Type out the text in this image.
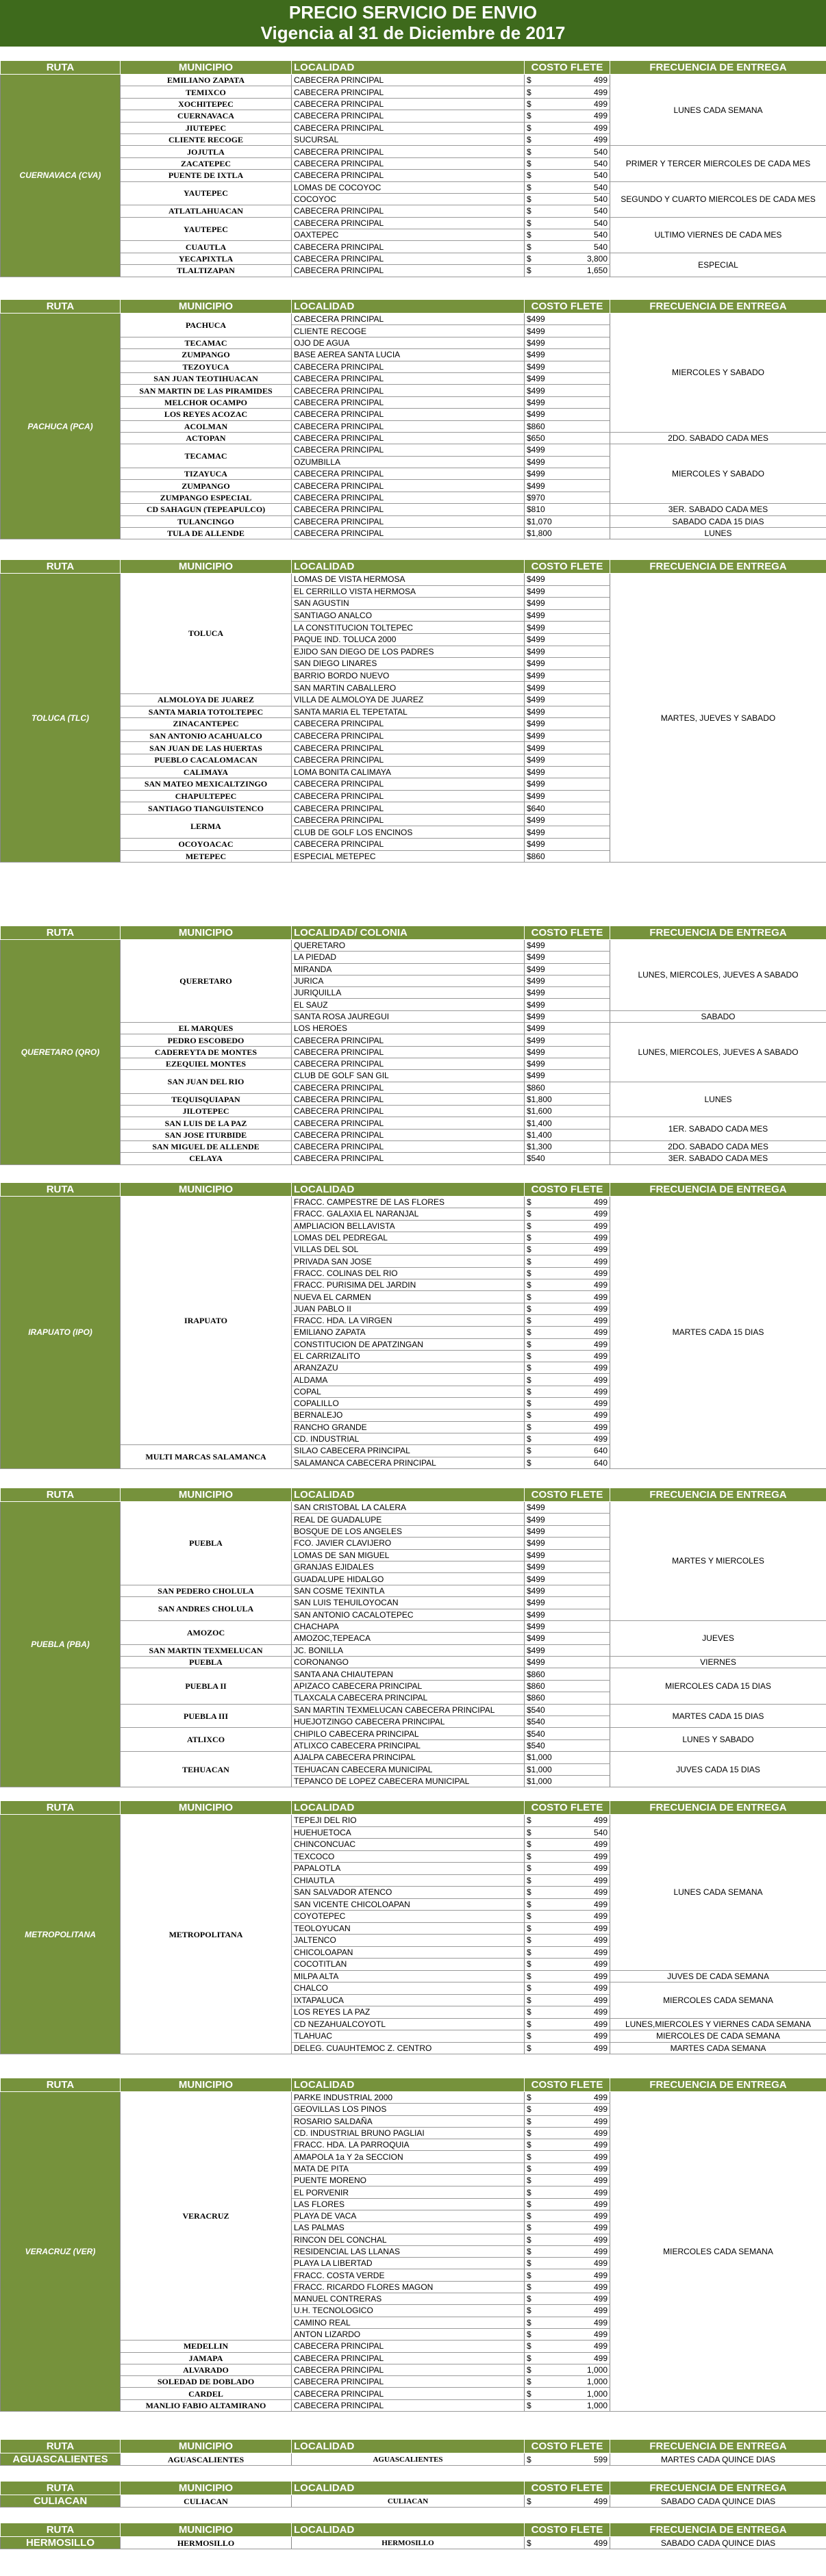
PRECIO SERVICIO DE ENVIO
Vigencia al 31 de Diciembre de 2017
RUTA	MUNICIPIO	LOCALIDAD	COSTO FLETE	FRECUENCIA DE ENTREGA
CUERNAVACA (CVA)	EMILIANO ZAPATA	CABECERA PRINCIPAL	$ 499	LUNES CADA SEMANA
	TEMIXCO	CABECERA PRINCIPAL	$ 499	

	XOCHITEPEC	CABECERA PRINCIPAL	$ 499	

	CUERNAVACA	CABECERA PRINCIPAL	$ 499	

	JIUTEPEC	CABECERA PRINCIPAL	$ 499	

	CLIENTE RECOGE	SUCURSAL	$ 499	

	JOJUTLA	CABECERA PRINCIPAL	$ 540	PRIMER Y TERCER MIERCOLES DE CADA MES
	ZACATEPEC	CABECERA PRINCIPAL	$ 540	

	PUENTE DE IXTLA	CABECERA PRINCIPAL	$ 540	

	YAUTEPEC	LOMAS DE COCOYOC	$ 540	SEGUNDO Y CUARTO MIERCOLES DE CADA MES
		COCOYOC	$ 540	

	ATLATLAHUACAN	CABECERA PRINCIPAL	$ 540	

	YAUTEPEC	CABECERA PRINCIPAL	$ 540	ULTIMO VIERNES DE CADA MES
		OAXTEPEC	$ 540	

	CUAUTLA	CABECERA PRINCIPAL	$ 540	

	YECAPIXTLA	CABECERA PRINCIPAL	$ 3,800	ESPECIAL
	TLALTIZAPAN	CABECERA PRINCIPAL	$ 1,650	
RUTA	MUNICIPIO	LOCALIDAD	COSTO FLETE	FRECUENCIA DE ENTREGA
PACHUCA (PCA)	PACHUCA	CABECERA PRINCIPAL	$499	MIERCOLES Y SABADO
		CLIENTE RECOGE	$499	
	TECAMAC	OJO DE AGUA	$499	
	ZUMPANGO	BASE AEREA SANTA LUCIA	$499	
	TEZOYUCA	CABECERA PRINCIPAL	$499	
	SAN JUAN TEOTIHUACAN	CABECERA PRINCIPAL	$499	
	SAN MARTIN DE LAS PIRAMIDES	CABECERA PRINCIPAL	$499	
	MELCHOR OCAMPO	CABECERA PRINCIPAL	$499	
	LOS REYES ACOZAC	CABECERA PRINCIPAL	$499	
	ACOLMAN	CABECERA PRINCIPAL	$860	
	ACTOPAN	CABECERA PRINCIPAL	$650	2DO. SABADO CADA MES
	TECAMAC	CABECERA PRINCIPAL	$499	MIERCOLES Y SABADO
		OZUMBILLA	$499	
	TIZAYUCA	CABECERA PRINCIPAL	$499	
	ZUMPANGO	CABECERA PRINCIPAL	$499	
	ZUMPANGO ESPECIAL	CABECERA PRINCIPAL	$970	
	CD SAHAGUN (TEPEAPULCO)	CABECERA PRINCIPAL	$810	3ER. SABADO CADA MES
	TULANCINGO	CABECERA PRINCIPAL	$1,070	SABADO CADA 15 DIAS
	TULA DE ALLENDE	CABECERA PRINCIPAL	$1,800	LUNES
RUTA	MUNICIPIO	LOCALIDAD	COSTO FLETE	FRECUENCIA DE ENTREGA
TOLUCA (TLC)	TOLUCA	LOMAS DE VISTA HERMOSA	$499	MARTES, JUEVES Y SABADO
		EL CERRILLO VISTA HERMOSA	$499	
		SAN AGUSTIN	$499	
		SANTIAGO ANALCO	$499	
		LA CONSTITUCION TOLTEPEC	$499	
		PAQUE IND. TOLUCA 2000	$499	
		EJIDO SAN DIEGO DE LOS PADRES	$499	
		SAN DIEGO LINARES	$499	
		BARRIO BORDO NUEVO	$499	
		SAN MARTIN CABALLERO	$499	
	ALMOLOYA DE JUAREZ	VILLA DE ALMOLOYA DE JUAREZ	$499	
	SANTA MARIA TOTOLTEPEC	SANTA MARIA EL TEPETATAL	$499	
	ZINACANTEPEC	CABECERA PRINCIPAL	$499	
	SAN ANTONIO ACAHUALCO	CABECERA PRINCIPAL	$499	
	SAN JUAN DE LAS HUERTAS	CABECERA PRINCIPAL	$499	
	PUEBLO CACALOMACAN	CABECERA PRINCIPAL	$499	
	CALIMAYA	LOMA BONITA CALIMAYA	$499	
	SAN MATEO MEXICALTZINGO	CABECERA PRINCIPAL	$499	
	CHAPULTEPEC	CABECERA PRINCIPAL	$499	
	SANTIAGO TIANGUISTENCO	CABECERA PRINCIPAL	$640	
	LERMA	CABECERA PRINCIPAL	$499	
		CLUB DE GOLF LOS ENCINOS	$499	
	OCOYOACAC	CABECERA PRINCIPAL	$499	
	METEPEC	ESPECIAL METEPEC	$860	
RUTA	MUNICIPIO	LOCALIDAD/ COLONIA	COSTO FLETE	FRECUENCIA DE ENTREGA
QUERETARO (QRO)	QUERETARO	QUERETARO	$499	LUNES, MIERCOLES, JUEVES A SABADO
		LA PIEDAD	$499	
		MIRANDA	$499	
		JURICA	$499	
		JURIQUILLA	$499	
		EL SAUZ	$499	
		SANTA ROSA JAUREGUI	$499	SABADO
	EL MARQUES	LOS HEROES	$499	LUNES, MIERCOLES, JUEVES A SABADO
	PEDRO ESCOBEDO	CABECERA PRINCIPAL	$499	
	CADEREYTA DE MONTES	CABECERA PRINCIPAL	$499	
	EZEQUIEL MONTES	CABECERA PRINCIPAL	$499	
	SAN JUAN DEL RIO	CLUB DE GOLF SAN GIL	$499	
		CABECERA PRINCIPAL	$860	LUNES
	TEQUISQUIAPAN	CABECERA PRINCIPAL	$1,800	
	JILOTEPEC	CABECERA PRINCIPAL	$1,600	
	SAN LUIS DE LA PAZ	CABECERA PRINCIPAL	$1,400	1ER. SABADO CADA MES
	SAN JOSE ITURBIDE	CABECERA PRINCIPAL	$1,400	
	SAN MIGUEL DE ALLENDE	CABECERA PRINCIPAL	$1,300	2DO. SABADO CADA MES
	CELAYA	CABECERA PRINCIPAL	$540	3ER. SABADO CADA MES
RUTA	MUNICIPIO	LOCALIDAD	COSTO FLETE	FRECUENCIA DE ENTREGA
IRAPUATO (IPO)	IRAPUATO	FRACC. CAMPESTRE DE LAS FLORES	$ 499	MARTES CADA 15 DIAS
		FRACC. GALAXIA EL NARANJAL	$ 499	

		AMPLIACION BELLAVISTA	$ 499	

		LOMAS DEL PEDREGAL	$ 499	

		VILLAS DEL SOL	$ 499	

		PRIVADA SAN JOSE	$ 499	

		FRACC. COLINAS DEL RIO	$ 499	

		FRACC. PURISIMA DEL JARDIN	$ 499	

		NUEVA EL CARMEN	$ 499	

		JUAN PABLO II	$ 499	

		FRACC. HDA. LA VIRGEN	$ 499	

		EMILIANO ZAPATA	$ 499	

		CONSTITUCION DE APATZINGAN	$ 499	

		EL CARRIZALITO	$ 499	

		ARANZAZU	$ 499	

		ALDAMA	$ 499	

		COPAL	$ 499	

		COPALILLO	$ 499	

		BERNALEJO	$ 499	

		RANCHO GRANDE	$ 499	

		CD. INDUSTRIAL	$ 499	

	MULTI MARCAS SALAMANCA	SILAO CABECERA PRINCIPAL	$ 640	

		SALAMANCA CABECERA PRINCIPAL	$ 640	
RUTA	MUNICIPIO	LOCALIDAD	COSTO FLETE	FRECUENCIA DE ENTREGA
PUEBLA (PBA)	PUEBLA	SAN CRISTOBAL LA CALERA	$499	MARTES Y MIERCOLES
		REAL DE GUADALUPE	$499	
		BOSQUE DE LOS ANGELES	$499	
		FCO. JAVIER CLAVIJERO	$499	
		LOMAS DE SAN MIGUEL	$499	
		GRANJAS EJIDALES	$499	
		GUADALUPE HIDALGO	$499	
	SAN PEDERO CHOLULA	SAN COSME TEXINTLA	$499	
	SAN ANDRES CHOLULA	SAN LUIS TEHUILOYOCAN	$499	
		SAN ANTONIO CACALOTEPEC	$499	
	AMOZOC	CHACHAPA	$499	JUEVES
		AMOZOC,TEPEACA	$499	
	SAN MARTIN TEXMELUCAN	JC. BONILLA	$499	
	PUEBLA	CORONANGO	$499	VIERNES
	PUEBLA II	SANTA ANA CHIAUTEPAN	$860	MIERCOLES CADA 15 DIAS
		APIZACO CABECERA PRINCIPAL	$860	
		TLAXCALA CABECERA PRINCIPAL	$860	
	PUEBLA III	SAN MARTIN TEXMELUCAN CABECERA PRINCIPAL	$540	MARTES CADA 15 DIAS
		HUEJOTZINGO CABECERA PRINCIPAL	$540	
	ATLIXCO	CHIPILO CABECERA PRINCIPAL	$540	LUNES Y SABADO
		ATLIXCO CABECERA PRINCIPAL	$540	
	TEHUACAN	AJALPA CABECERA PRINCIPAL	$1,000	JUVES CADA 15 DIAS
		TEHUACAN CABECERA MUNICIPAL	$1,000	
		TEPANCO DE LOPEZ CABECERA MUNICIPAL	$1,000	
RUTA	MUNICIPIO	LOCALIDAD	COSTO FLETE	FRECUENCIA DE ENTREGA
METROPOLITANA	METROPOLITANA	TEPEJI DEL RIO	$ 499	LUNES CADA SEMANA
		HUEHUETOCA	$ 540	

		CHINCONCUAC	$ 499	

		TEXCOCO	$ 499	

		PAPALOTLA	$ 499	

		CHIAUTLA	$ 499	

		SAN SALVADOR ATENCO	$ 499	

		SAN VICENTE CHICOLOAPAN	$ 499	

		COYOTEPEC	$ 499	

		TEOLOYUCAN	$ 499	

		JALTENCO	$ 499	

		CHICOLOAPAN	$ 499	

		COCOTITLAN	$ 499	

		MILPA ALTA	$ 499	JUVES DE CADA SEMANA
		CHALCO	$ 499	MIERCOLES CADA SEMANA
		IXTAPALUCA	$ 499	

		LOS REYES LA PAZ	$ 499	

		CD NEZAHUALCOYOTL	$ 499	LUNES,MIERCOLES Y VIERNES CADA SEMANA
		TLAHUAC	$ 499	MIERCOLES DE CADA SEMANA
		DELEG. CUAUHTEMOC Z. CENTRO	$ 499	MARTES CADA SEMANA
RUTA	MUNICIPIO	LOCALIDAD	COSTO FLETE	FRECUENCIA DE ENTREGA
VERACRUZ (VER)	VERACRUZ	PARKE INDUSTRIAL 2000	$ 499	MIERCOLES CADA SEMANA
		GEOVILLAS LOS PINOS	$ 499	

		ROSARIO SALDAÑA	$ 499	

		CD. INDUSTRIAL BRUNO PAGLIAI	$ 499	

		FRACC. HDA. LA PARROQUIA	$ 499	

		AMAPOLA 1a Y 2a SECCION	$ 499	

		MATA DE PITA	$ 499	

		PUENTE MORENO	$ 499	

		EL PORVENIR	$ 499	

		LAS FLORES	$ 499	

		PLAYA DE VACA	$ 499	

		LAS PALMAS	$ 499	

		RINCON DEL CONCHAL	$ 499	

		RESIDENCIAL LAS LLANAS	$ 499	

		PLAYA LA LIBERTAD	$ 499	

		FRACC. COSTA VERDE	$ 499	

		FRACC. RICARDO FLORES MAGON	$ 499	

		MANUEL CONTRERAS	$ 499	

		U.H. TECNOLOGICO	$ 499	

		CAMINO REAL	$ 499	

		ANTON LIZARDO	$ 499	

	MEDELLIN	CABECERA PRINCIPAL	$ 499	

	JAMAPA	CABECERA PRINCIPAL	$ 499	

	ALVARADO	CABECERA PRINCIPAL	$ 1,000	

	SOLEDAD DE DOBLADO	CABECERA PRINCIPAL	$ 1,000	

	CARDEL	CABECERA PRINCIPAL	$ 1,000	

	MANLIO FABIO ALTAMIRANO	CABECERA PRINCIPAL	$ 1,000	
RUTA	MUNICIPIO	LOCALIDAD	COSTO FLETE	FRECUENCIA DE ENTREGA
AGUASCALIENTES	AGUASCALIENTES	AGUASCALIENTES	$ 599	MARTES CADA QUINCE DIAS
RUTA	MUNICIPIO	LOCALIDAD	COSTO FLETE	FRECUENCIA DE ENTREGA
CULIACAN	CULIACAN	CULIACAN	$ 499	SABADO CADA QUINCE DIAS
RUTA	MUNICIPIO	LOCALIDAD	COSTO FLETE	FRECUENCIA DE ENTREGA
HERMOSILLO	HERMOSILLO	HERMOSILLO	$ 499	SABADO CADA QUINCE DIAS
